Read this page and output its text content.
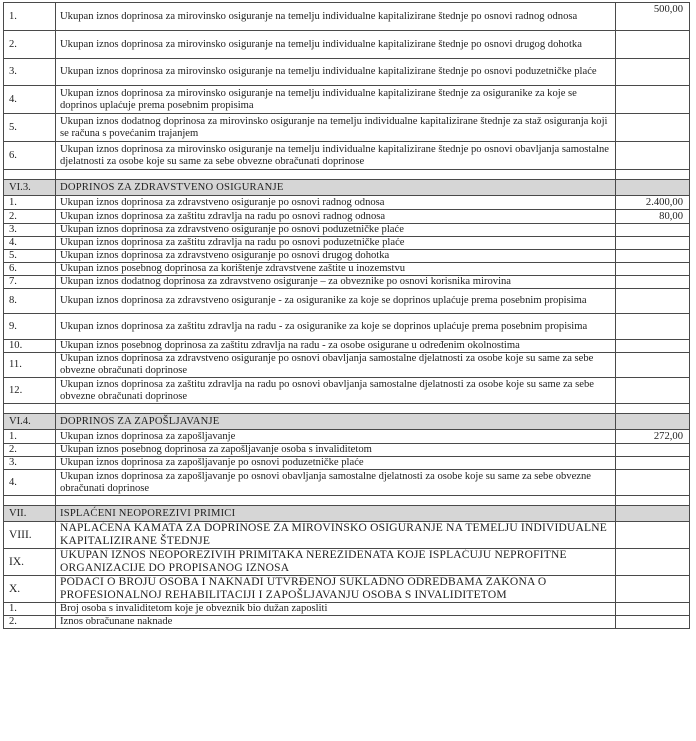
1.	Ukupan iznos doprinosa za mirovinsko osiguranje na temelju individualne kapitalizirane štednje po osnovi radnog odnosa	500,00
2.	Ukupan iznos doprinosa za mirovinsko osiguranje na temelju individualne kapitalizirane štednje po osnovi drugog dohotka	
3.	Ukupan iznos doprinosa za mirovinsko osiguranje na temelju individualne kapitalizirane štednje po osnovi poduzetničke plaće	
4.	Ukupan iznos doprinosa za mirovinsko osiguranje na temelju individualne kapitalizirane štednje za osiguranike za koje se doprinos uplaćuje prema posebnim propisima	
5.	Ukupan iznos dodatnog doprinosa za mirovinsko osiguranje na temelju individualne kapitalizirane štednje za staž osiguranja koji se računa s povećanim trajanjem	
6.	Ukupan iznos doprinosa za mirovinsko osiguranje na temelju individualne kapitalizirane štednje po osnovi obavljanja samostalne djelatnosti za osobe koje su same za sebe obvezne obračunati doprinose	

VI.3.	DOPRINOS ZA ZDRAVSTVENO OSIGURANJE	
1.	Ukupan iznos doprinosa za zdravstveno osiguranje po osnovi radnog odnosa	2.400,00
2.	Ukupan iznos doprinosa za zaštitu zdravlja na radu po osnovi radnog odnosa	80,00
3.	Ukupan iznos doprinosa za zdravstveno osiguranje po osnovi poduzetničke plaće	
4.	Ukupan iznos doprinosa za zaštitu zdravlja na radu po osnovi poduzetničke plaće	
5.	Ukupan iznos doprinosa za zdravstveno osiguranje po osnovi drugog dohotka	
6.	Ukupan iznos posebnog doprinosa za korištenje zdravstvene zaštite u inozemstvu	
7.	Ukupan iznos dodatnog doprinosa za zdravstveno osiguranje – za obveznike po osnovi korisnika mirovina	
8.	Ukupan iznos doprinosa za zdravstveno osiguranje - za osiguranike za koje se doprinos uplaćuje prema posebnim propisima	
9.	Ukupan iznos doprinosa za zaštitu zdravlja na radu - za osiguranike za koje se doprinos uplaćuje prema posebnim propisima	
10.	Ukupan iznos posebnog doprinosa za zaštitu zdravlja na radu - za osobe osigurane u određenim okolnostima	
11.	Ukupan iznos doprinosa za zdravstveno osiguranje po osnovi obavljanja samostalne djelatnosti za osobe koje su same za sebe obvezne obračunati doprinose	
12.	Ukupan iznos doprinosa za zaštitu zdravlja na radu po osnovi obavljanja samostalne djelatnosti za osobe koje su same za sebe obvezne obračunati doprinose	

VI.4.	DOPRINOS ZA ZAPOŠLJAVANJE	
1.	Ukupan iznos doprinosa za zapošljavanje	272,00
2.	Ukupan iznos posebnog doprinosa za zapošljavanje osoba s invaliditetom	
3.	Ukupan iznos doprinosa za zapošljavanje po osnovi poduzetničke plaće	
4.	Ukupan iznos doprinosa za zapošljavanje po osnovi obavljanja samostalne djelatnosti za osobe koje su same za sebe obvezne obračunati doprinose	

VII.	ISPLAĆENI NEOPOREZIVI PRIMICI	
VIII.	NAPLAĆENA KAMATA ZA DOPRINOSE ZA MIROVINSKO OSIGURANJE NA TEMELJU INDIVIDUALNE KAPITALIZIRANE ŠTEDNJE	
IX.	UKUPAN IZNOS NEOPOREZIVIH PRIMITAKA NEREZIDENATA KOJE ISPLAĆUJU NEPROFITNE ORGANIZACIJE DO PROPISANOG IZNOSA	
X.	PODACI O BROJU OSOBA I NAKNADI UTVRĐENOJ SUKLADNO ODREDBAMA ZAKONA O PROFESIONALNOJ REHABILITACIJI I ZAPOŠLJAVANJU OSOBA S INVALIDITETOM	
1.	Broj osoba s invaliditetom koje je obveznik bio dužan zaposliti	
2.	Iznos obračunane naknade	
